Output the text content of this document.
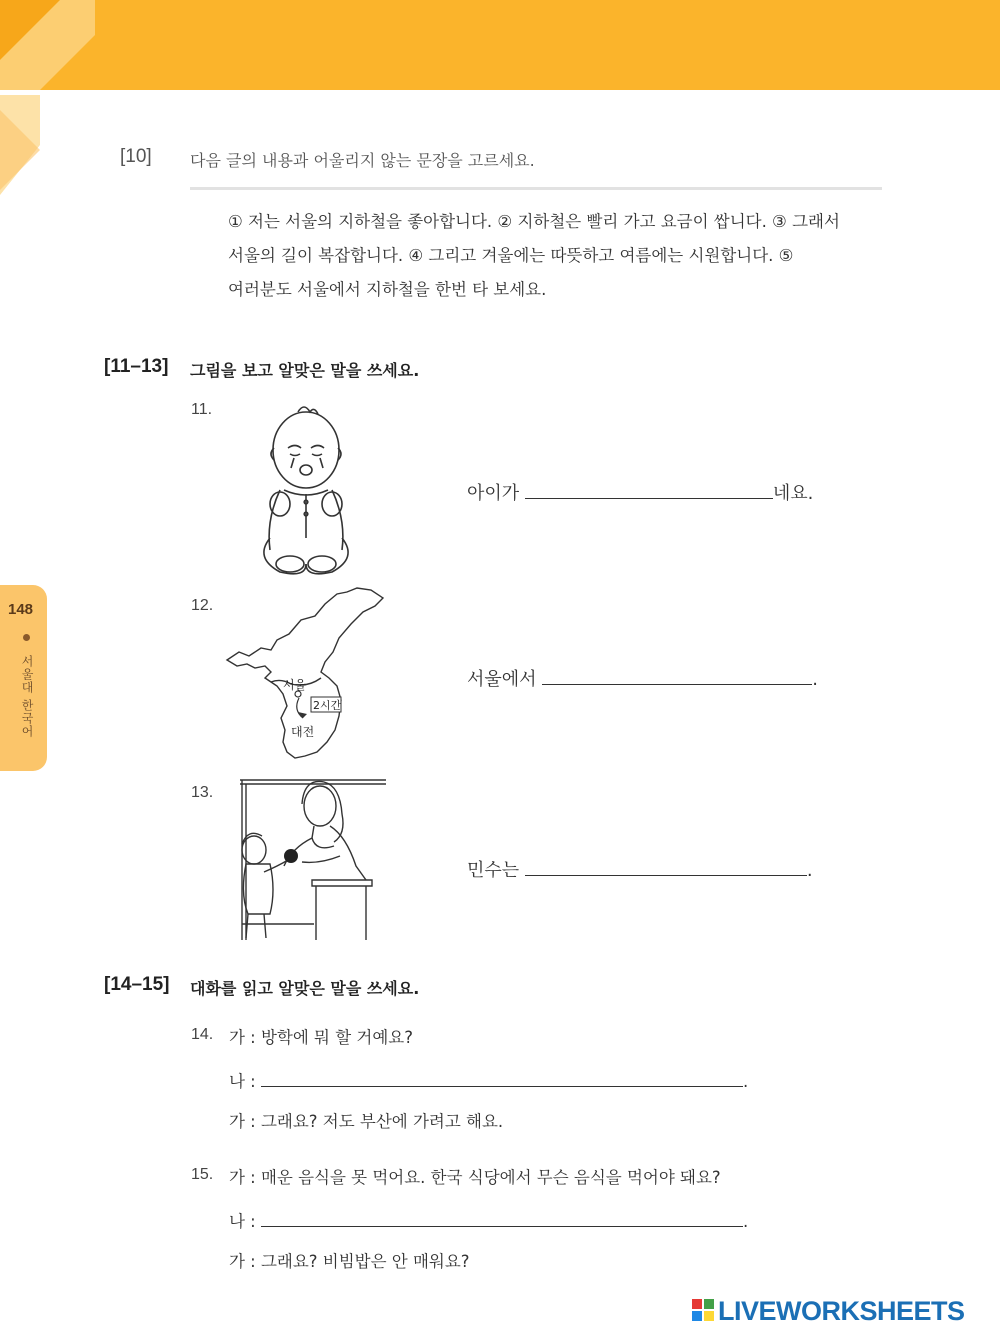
[10] 다음 글의 내용과 어울리지 않는 문장을 고르세요.
① 저는 서울의 지하철을 좋아합니다. ② 지하철은 빨리 가고 요금이 쌉니다. ③ 그래서
서울의 길이 복잡합니다. ④ 그리고 겨울에는 따뜻하고 여름에는 시원합니다. ⑤
여러분도 서울에서 지하철을 한번 타 보세요.
[11–13] 그림을 보고 알맞은 말을 쓰세요.
11.
아이가	네요.
12.
서울
2시간
대전
서울에서	.
13.
민수는	.
[14–15] 대화를 읽고 알맞은 말을 쓰세요.
14. 가 : 방학에 뭐 할 거예요?
나 :	.
가 : 그래요? 저도 부산에 가려고 해요.
15. 가 : 매운 음식을 못 먹어요. 한국 식당에서 무슨 음식을 먹어야 돼요?
나 :	.
가 : 그래요? 비빔밥은 안 매워요?
148
서울대 한국어
LIVEWORKSHEETS
